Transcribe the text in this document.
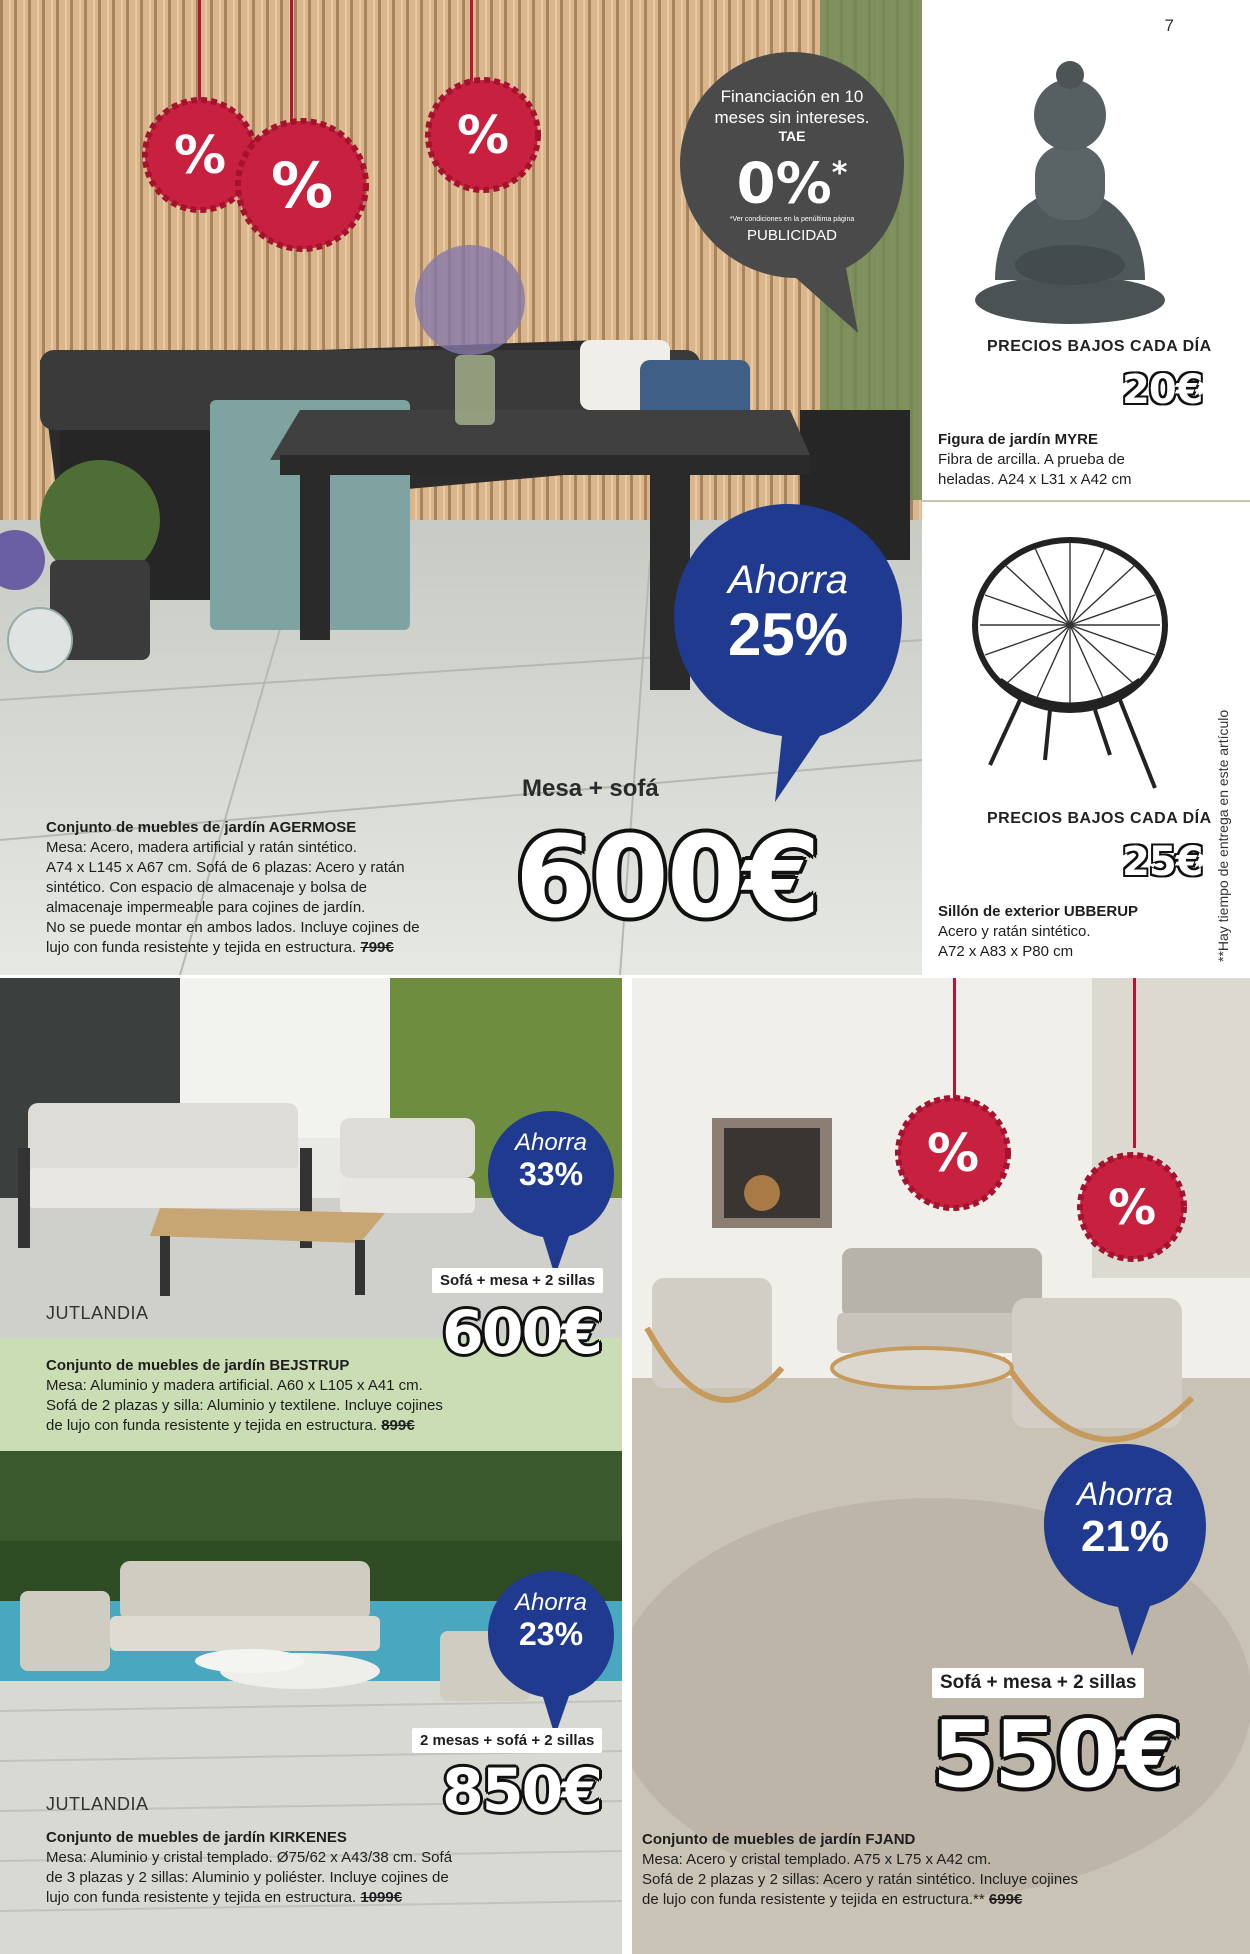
% %
%
Financiación en 10
meses sin intereses.
TAE
0%*
*Ver condiciones en la penúltima página
PUBLICIDAD
Ahorra
25%
Mesa + sofá
600€
Conjunto de muebles de jardín AGERMOSE
Mesa: Acero, madera artificial y ratán sintético.
A74 x L145 x A67 cm. Sofá de 6 plazas: Acero y ratán
sintético. Con espacio de almacenaje y bolsa de
almacenaje impermeable para cojines de jardín.
No se puede montar en ambos lados. Incluye cojines de
lujo con funda resistente y tejida en estructura. 799€
7
PRECIOS BAJOS CADA DÍA
20€
Figura de jardín MYRE
Fibra de arcilla. A prueba de
heladas. A24 x L31 x A42 cm
PRECIOS BAJOS CADA DÍA
25€
Sillón de exterior UBBERUP
Acero y ratán sintético.
A72 x A83 x P80 cm	**Hay tiempo de entrega en este artículo
JUTLANDIA
Ahorra
33%
Sofá + mesa + 2 sillas
600€
Conjunto de muebles de jardín BEJSTRUP
Mesa: Aluminio y madera artificial. A60 x L105 x A41 cm.
Sofá de 2 plazas y silla: Aluminio y textilene. Incluye cojines
de lujo con funda resistente y tejida en estructura. 899€
Ahorra
23%
2 mesas + sofá + 2 sillas
850€
JUTLANDIA
Conjunto de muebles de jardín KIRKENES
Mesa: Aluminio y cristal templado. Ø75/62 x A43/38 cm. Sofá
de 3 plazas y 2 sillas: Aluminio y poliéster. Incluye cojines de
lujo con funda resistente y tejida en estructura. 1099€
%
%
Ahorra
21%
Sofá + mesa + 2 sillas
550€
Conjunto de muebles de jardín FJAND
Mesa: Acero y cristal templado. A75 x L75 x A42 cm.
Sofá de 2 plazas y 2 sillas: Acero y ratán sintético. Incluye cojines
de lujo con funda resistente y tejida en estructura.** 699€
